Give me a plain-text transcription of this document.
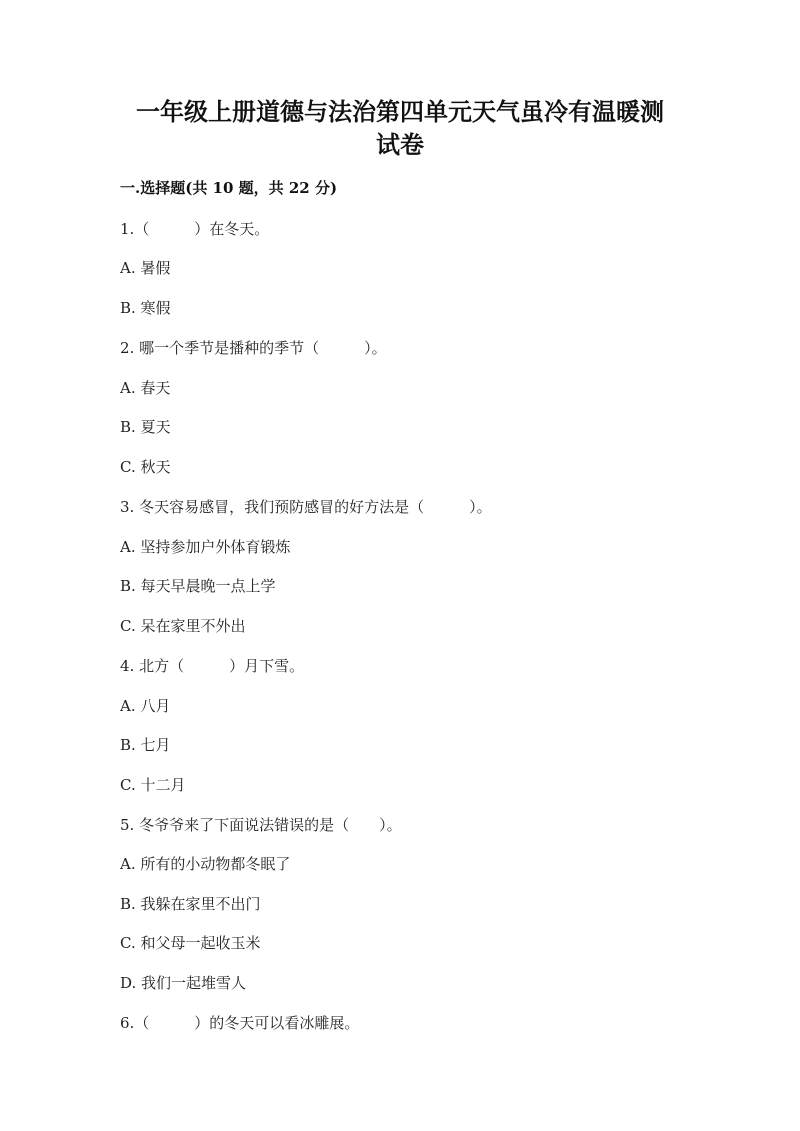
一年级上册道德与法治第四单元天气虽冷有温暖测
试卷
一.选择题(共 10 题，共 22 分)
1.（　　　）在冬天。
A. 暑假
B. 寒假
2. 哪一个季节是播种的季节（　　　）。
A. 春天
B. 夏天
C. 秋天
3. 冬天容易感冒，我们预防感冒的好方法是（　　　）。
A. 坚持参加户外体育锻炼
B. 每天早晨晚一点上学
C. 呆在家里不外出
4. 北方（　　　）月下雪。
A. 八月
B. 七月
C. 十二月
5. 冬爷爷来了下面说法错误的是（　　）。
A. 所有的小动物都冬眠了
B. 我躲在家里不出门
C. 和父母一起收玉米
D. 我们一起堆雪人
6.（　　　）的冬天可以看冰雕展。
